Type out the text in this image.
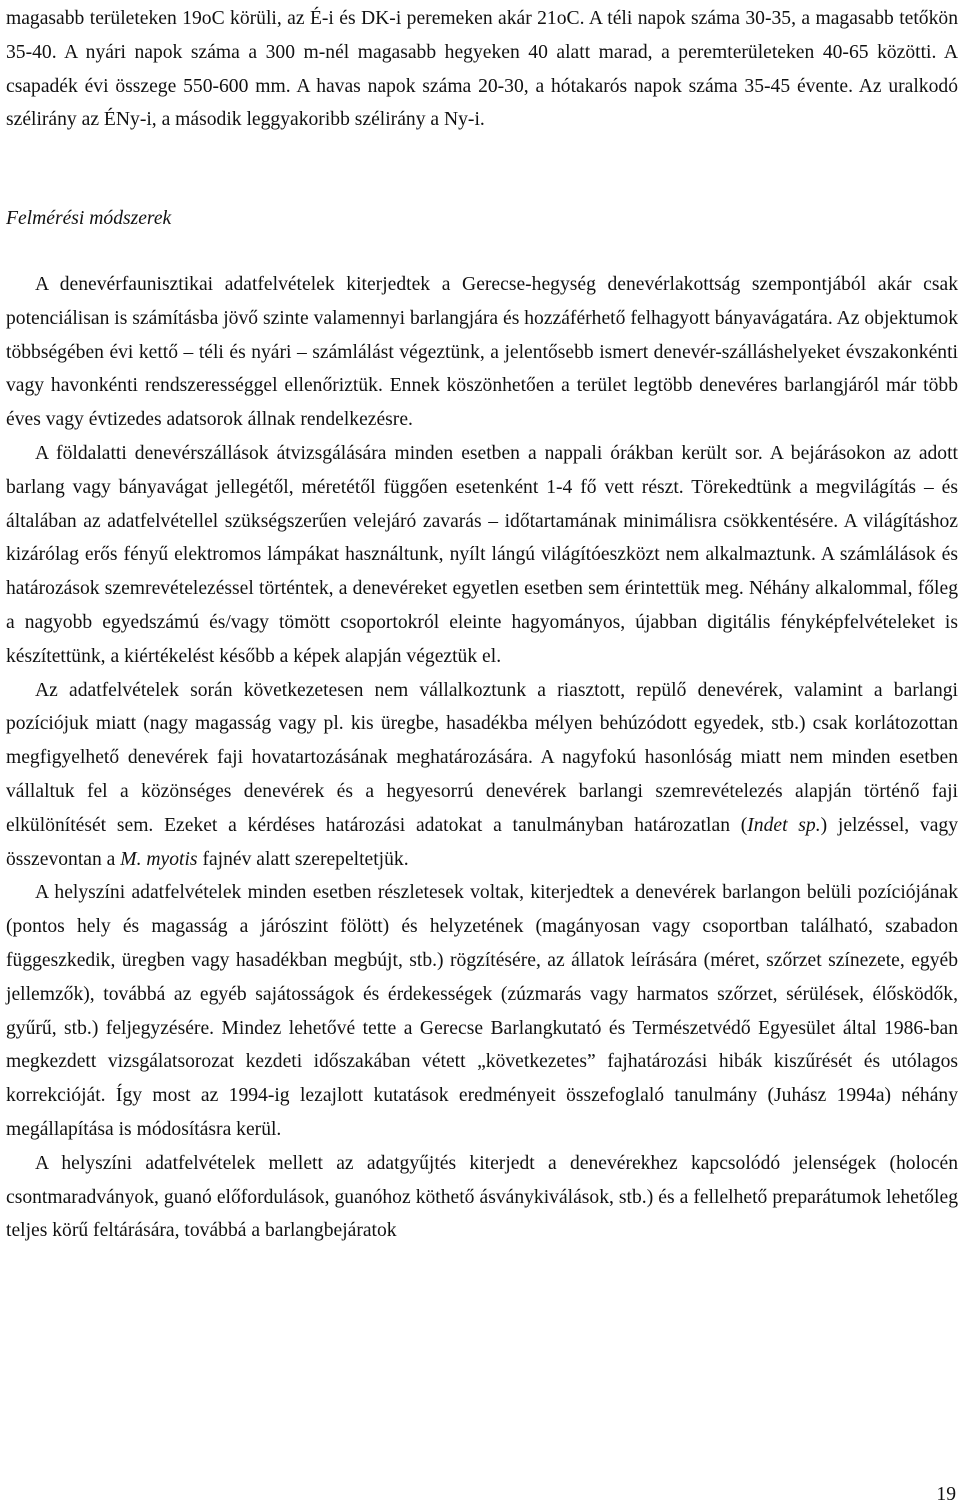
magasabb területeken 19oC körüli, az É-i és DK-i peremeken akár 21oC. A téli napok száma 30-35, a magasabb tetőkön 35-40. A nyári napok száma a 300 m-nél magasabb hegyeken 40 alatt marad, a peremterületeken 40-65 közötti. A csapadék évi összege 550-600 mm. A havas napok száma 20-30, a hótakarós napok száma 35-45 évente. Az uralkodó szélirány az ÉNy-i, a második leggyakoribb szélirány a Ny-i.

Felmérési módszerek

A denevérfaunisztikai adatfelvételek kiterjedtek a Gerecse-hegység denevérlakottság szempontjából akár csak potenciálisan is számításba jövő szinte valamennyi barlangjára és hozzáférhető felhagyott bányavágatára. Az objektumok többségében évi kettő – téli és nyári – számlálást végeztünk, a jelentősebb ismert denevér-szálláshelyeket évszakonkénti vagy havonkénti rendszerességgel ellenőriztük. Ennek köszönhetően a terület legtöbb denevéres barlangjáról már több éves vagy évtizedes adatsorok állnak rendelkezésre.

A földalatti denevérszállások átvizsgálására minden esetben a nappali órákban került sor. A bejárásokon az adott barlang vagy bányavágat jellegétől, méretétől függően esetenként 1-4 fő vett részt. Törekedtünk a megvilágítás – és általában az adatfelvétellel szükségszerűen velejáró zavarás – időtartamának minimálisra csökkentésére. A világításhoz kizárólag erős fényű elektromos lámpákat használtunk, nyílt lángú világítóeszközt nem alkalmaztunk. A számlálások és határozások szemrevételezéssel történtek, a denevéreket egyetlen esetben sem érintettük meg. Néhány alkalommal, főleg a nagyobb egyedszámú és/vagy tömött csoportokról eleinte hagyományos, újabban digitális fényképfelvételeket is készítettünk, a kiértékelést később a képek alapján végeztük el.

Az adatfelvételek során következetesen nem vállalkoztunk a riasztott, repülő denevérek, valamint a barlangi pozíciójuk miatt (nagy magasság vagy pl. kis üregbe, hasadékba mélyen behúzódott egyedek, stb.) csak korlátozottan megfigyelhető denevérek faji hovatartozásának meghatározására. A nagyfokú hasonlóság miatt nem minden esetben vállaltuk fel a közönséges denevérek és a hegyesorrú denevérek barlangi szemrevételezés alapján történő faji elkülönítését sem. Ezeket a kérdéses határozási adatokat a tanulmányban határozatlan (Indet sp.) jelzéssel, vagy összevontan a M. myotis fajnév alatt szerepeltetjük.

A helyszíni adatfelvételek minden esetben részletesek voltak, kiterjedtek a denevérek barlangon belüli pozíciójának (pontos hely és magasság a járószint fölött) és helyzetének (magányosan vagy csoportban található, szabadon függeszkedik, üregben vagy hasadékban megbújt, stb.) rögzítésére, az állatok leírására (méret, szőrzet színezete, egyéb jellemzők), továbbá az egyéb sajátosságok és érdekességek (zúzmarás vagy harmatos szőrzet, sérülések, élősködők, gyűrű, stb.) feljegyzésére. Mindez lehetővé tette a Gerecse Barlangkutató és Természetvédő Egyesület által 1986-ban megkezdett vizsgálatsorozat kezdeti időszakában vétett „következetes” fajhatározási hibák kiszűrését és utólagos korrekcióját. Így most az 1994-ig lezajlott kutatások eredményeit összefoglaló tanulmány (Juhász 1994a) néhány megállapítása is módosításra kerül.

A helyszíni adatfelvételek mellett az adatgyűjtés kiterjedt a denevérekhez kapcsolódó jelenségek (holocén csontmaradványok, guanó előfordulások, guanóhoz köthető ásványkiválások, stb.) és a fellelhető preparátumok lehetőleg teljes körű feltárására, továbbá a barlangbejáratok

19
